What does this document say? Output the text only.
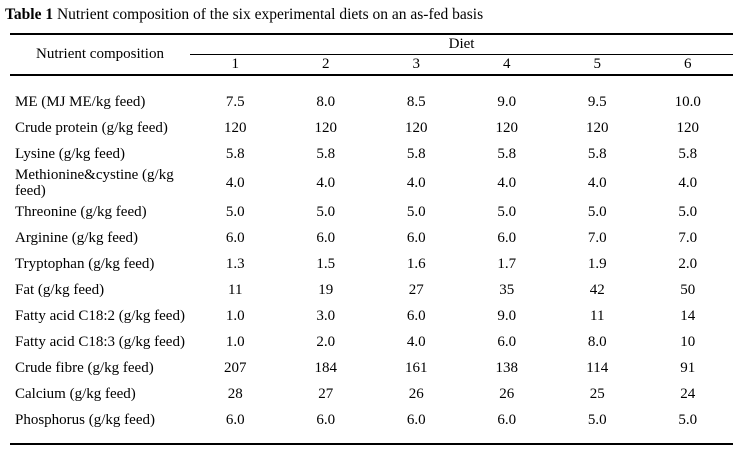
Table 1 Nutrient composition of the six experimental diets on an as-fed basis
Nutrient composition	Diet					
	1	2	3	4	5	6
ME (MJ ME/kg feed)	7.5	8.0	8.5	9.0	9.5	10.0
Crude protein (g/kg feed)	120	120	120	120	120	120
Lysine (g/kg feed)	5.8	5.8	5.8	5.8	5.8	5.8
Methionine&cystine (g/kg feed)	4.0	4.0	4.0	4.0	4.0	4.0
Threonine (g/kg feed)	5.0	5.0	5.0	5.0	5.0	5.0
Arginine (g/kg feed)	6.0	6.0	6.0	6.0	7.0	7.0
Tryptophan (g/kg feed)	1.3	1.5	1.6	1.7	1.9	2.0
Fat (g/kg feed)	11	19	27	35	42	50
Fatty acid C18:2 (g/kg feed)	1.0	3.0	6.0	9.0	11	14
Fatty acid C18:3 (g/kg feed)	1.0	2.0	4.0	6.0	8.0	10
Crude fibre (g/kg feed)	207	184	161	138	114	91
Calcium (g/kg feed)	28	27	26	26	25	24
Phosphorus (g/kg feed)	6.0	6.0	6.0	6.0	5.0	5.0
